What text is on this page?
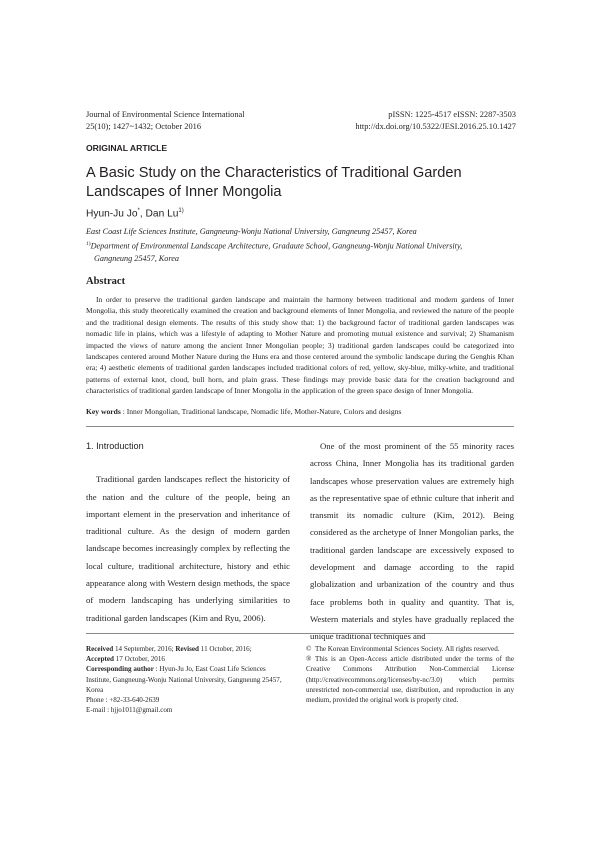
Journal of Environmental Science International
25(10); 1427~1432; October 2016
pISSN: 1225-4517 eISSN: 2287-3503
http://dx.doi.org/10.5322/JESI.2016.25.10.1427
ORIGINAL ARTICLE
A Basic Study on the Characteristics of Traditional Garden Landscapes of Inner Mongolia
Hyun-Ju Jo*, Dan Lu$^{1)}$
East Coast Life Sciences Institute, Gangneung-Wonju National University, Gangneung 25457, Korea
$^{1)}$Department of Environmental Landscape Architecture, Gradaute School, Gangneung-Wonju National University,
Gangneung 25457, Korea
Abstract
In order to preserve the traditional garden landscape and maintain the harmony between traditional and modern gardens of Inner Mongolia, this study theoretically examined the creation and background elements of Inner Mongolia, and reviewed the nature of the people and the traditional design elements. The results of this study show that: 1) the background factor of traditional garden landscapes was nomadic life in plains, which was a lifestyle of adapting to Mother Nature and promoting mutual existence and survival; 2) Shamanism impacted the views of nature among the ancient Inner Mongolian people; 3) traditional garden landscapes could be categorized into landscapes centered around Mother Nature during the Huns era and those centered around the symbolic landscape during the Genghis Khan era; 4) aesthetic elements of traditional garden landscapes included traditional colors of red, yellow, sky-blue, milky-white, and traditional patterns of external knot, cloud, bull horn, and plain grass. These findings may provide basic data for the creation background and characteristics of traditional garden landscape of Inner Mongolia in the application of the green space design of Inner Mongolia.
Key words : Inner Mongolian, Traditional landscape, Nomadic life, Mother-Nature, Colors and designs
1. Introduction

Traditional garden landscapes reflect the historicity of the nation and the culture of the people, being an important element in the preservation and inheritance of traditional culture. As the design of modern garden landscape becomes increasingly complex by reflecting the local culture, traditional architecture, history and ethic appearance along with Western design methods, the space of modern landscaping has underlying similarities to traditional garden landscapes (Kim and Ryu, 2006).

One of the most prominent of the 55 minority races across China, Inner Mongolia has its traditional garden landscapes whose preservation values are extremely high as the representative spae of ethnic culture that inherit and transmit its nomadic culture (Kim, 2012). Being considered as the archetype of Inner Mongolian parks, the traditional garden landscape are excessively exposed to development and damage according to the rapid globalization and urbanization of the country and thus face problems both in quality and quantity. That is, Western materials and styles have gradually replaced the unique traditional techniques and

Received 14 September, 2016; Revised 11 October, 2016;
Accepted 17 October, 2016
Corresponding author : Hyun-Ju Jo, East Coast Life Sciences Institute, Gangneung-Wonju National University, Gangneung 25457, Korea
Phone : +82-33-640-2639
E-mail : hjjo1011@gmail.com
© The Korean Environmental Sciences Society. All rights reserved.
® This is an Open-Access article distributed under the terms of the Creative Commons Attribution Non-Commercial License (http://creativecommons.org/licenses/by-nc/3.0) which permits unrestricted non-commercial use, distribution, and reproduction in any medium, provided the original work is properly cited.
